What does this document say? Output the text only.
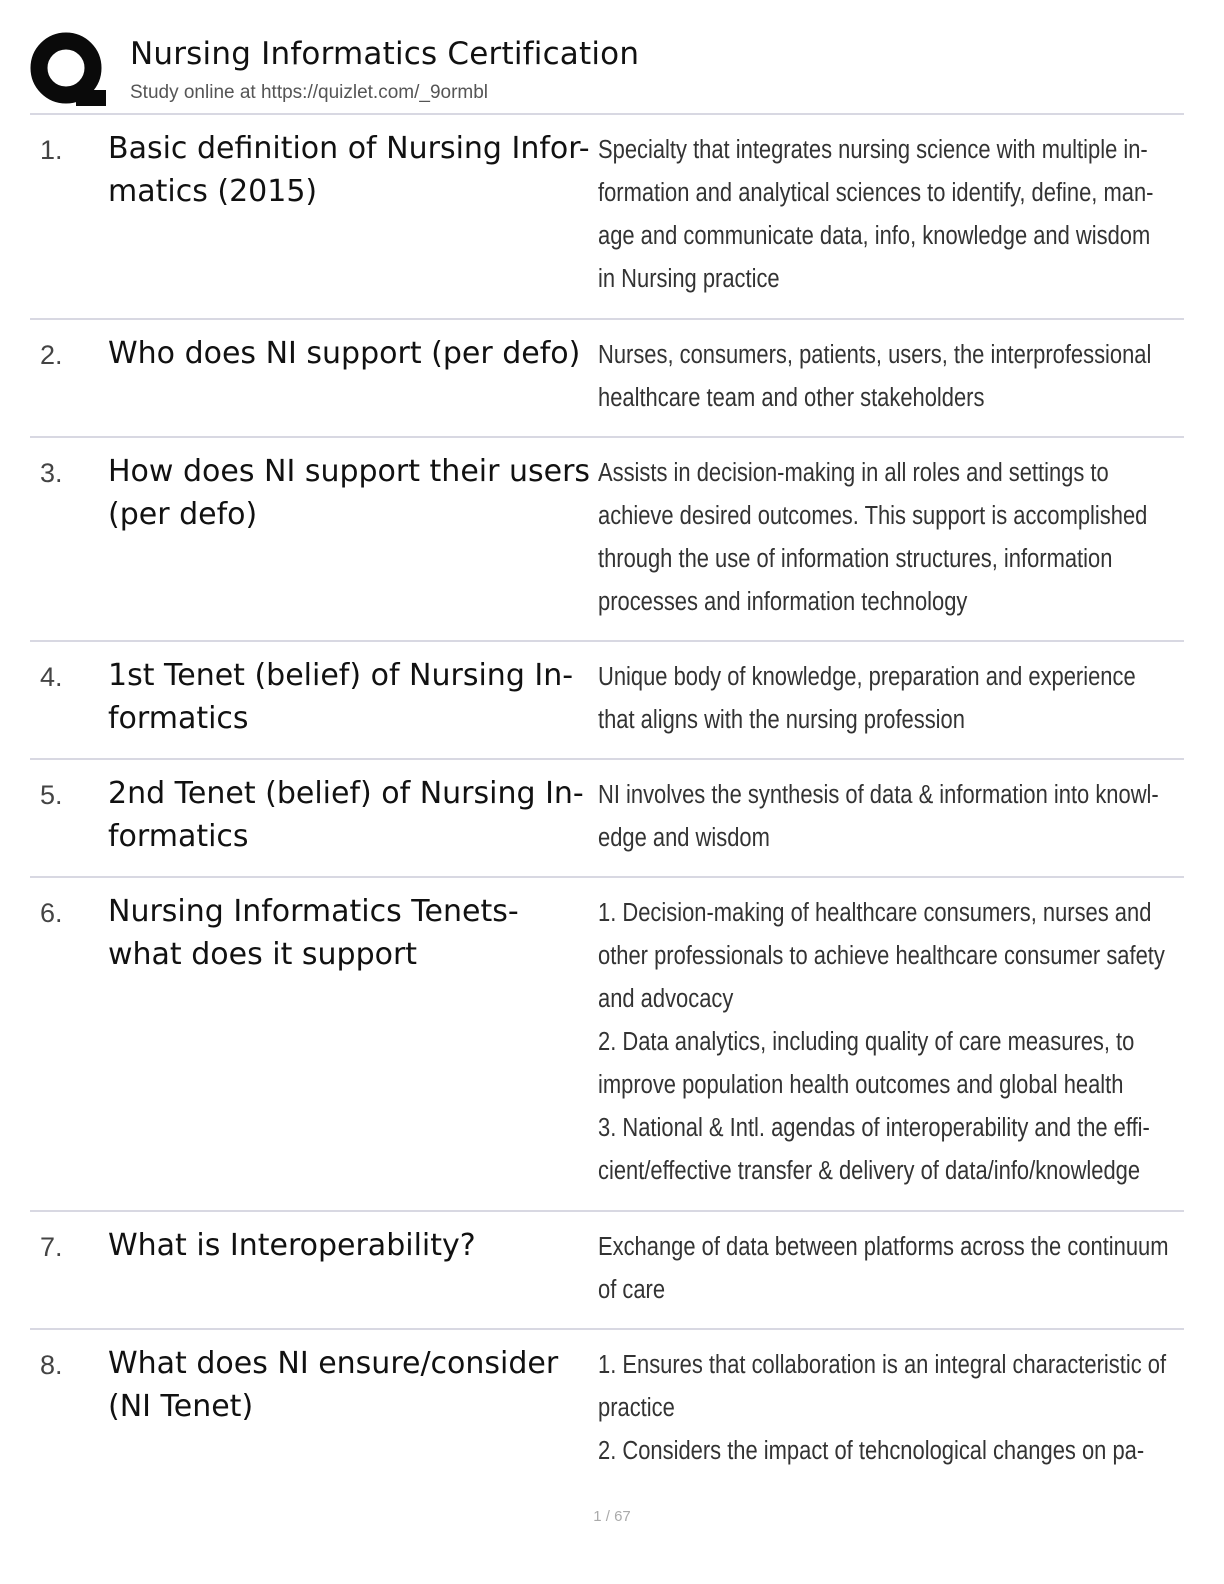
Nursing Informatics Certification
Study online at https://quizlet.com/_9ormbl
1. Basic definition of Nursing Infor-
matics (2015)
Specialty that integrates nursing science with multiple in-
formation and analytical sciences to identify, define, man-
age and communicate data, info, knowledge and wisdom
in Nursing practice
2. Who does NI support (per defo) Nurses, consumers, patients, users, the interprofessional
healthcare team and other stakeholders
3. How does NI support their users
(per defo)
Assists in decision-making in all roles and settings to
achieve desired outcomes. This support is accomplished
through the use of information structures, information
processes and information technology
4. 1st Tenet (belief) of Nursing In-
formatics
Unique body of knowledge, preparation and experience
that aligns with the nursing profession
5. 2nd Tenet (belief) of Nursing In-
formatics
NI involves the synthesis of data & information into knowl-
edge and wisdom
6. Nursing Informatics Tenets-
what does it support
1. Decision-making of healthcare consumers, nurses and
other professionals to achieve healthcare consumer safety
and advocacy
2. Data analytics, including quality of care measures, to
improve population health outcomes and global health
3. National & Intl. agendas of interoperability and the effi-
cient/effective transfer & delivery of data/info/knowledge
7. What is Interoperability?	Exchange of data between platforms across the continuum
of care
8. What does NI ensure/consider
(NI Tenet)
1. Ensures that collaboration is an integral characteristic of
practice
2. Considers the impact of tehcnological changes on pa-
1 / 67
